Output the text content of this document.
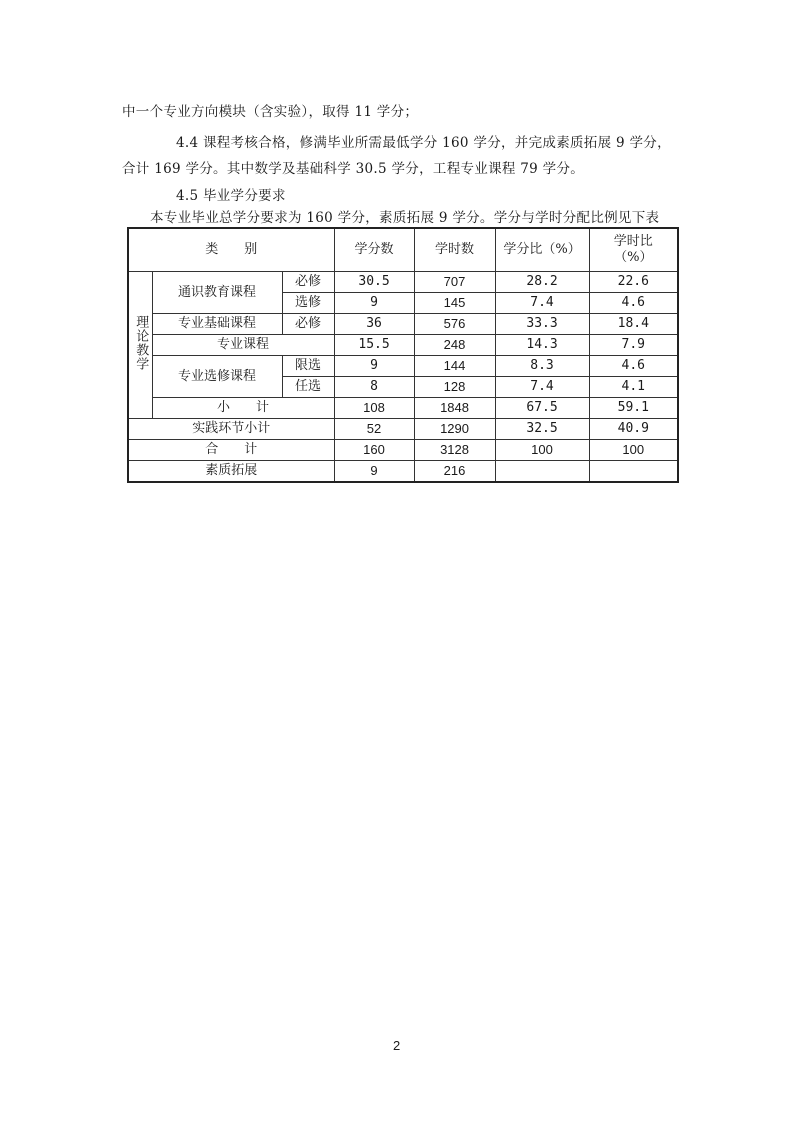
中一个专业方向模块（含实验），取得 11 学分；
4.4 课程考核合格，修满毕业所需最低学分 160 学分，并完成素质拓展 9 学分，
合计 169 学分。其中数学及基础科学 30.5 学分，工程专业课程 79 学分。
4.5 毕业学分要求
本专业毕业总学分要求为 160 学分，素质拓展 9 学分。学分与学时分配比例见下表
类　　别			学分数	学时数	学分比（%）	学时比
（%）

理论教学	通识教育课程	必修	30.5	707	28.2	22.6
		选修	9	145	7.4	4.6
	专业基础课程	必修	36	576	33.3	18.4
	专业课程		15.5	248	14.3	7.9
	专业选修课程	限选	9	144	8.3	4.6
		任选	8	128	7.4	4.1
	小　　计		108	1848	67.5	59.1
实践环节小计			52	1290	32.5	40.9
合　　计			160	3128	100	100
素质拓展			9	216		
2
